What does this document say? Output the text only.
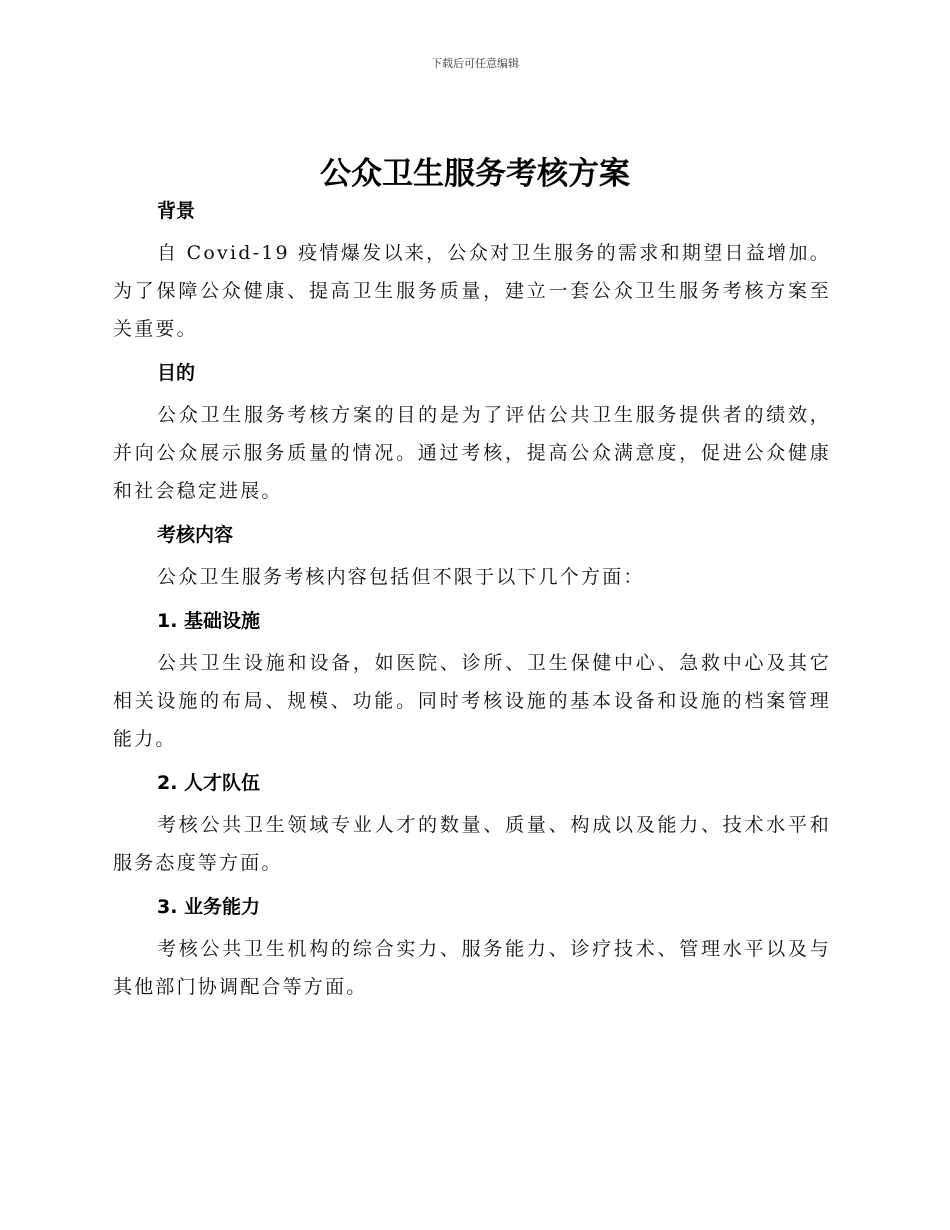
下载后可任意编辑
公众卫生服务考核方案
背景

自 Covid-19 疫情爆发以来，公众对卫生服务的需求和期望日益增加。为了保障公众健康、提高卫生服务质量，建立一套公众卫生服务考核方案至关重要。

目的

公众卫生服务考核方案的目的是为了评估公共卫生服务提供者的绩效，并向公众展示服务质量的情况。通过考核，提高公众满意度，促进公众健康和社会稳定进展。

考核内容

公众卫生服务考核内容包括但不限于以下几个方面：

1. 基础设施

公共卫生设施和设备，如医院、诊所、卫生保健中心、急救中心及其它相关设施的布局、规模、功能。同时考核设施的基本设备和设施的档案管理能力。

2. 人才队伍

考核公共卫生领域专业人才的数量、质量、构成以及能力、技术水平和服务态度等方面。

3. 业务能力

考核公共卫生机构的综合实力、服务能力、诊疗技术、管理水平以及与其他部门协调配合等方面。
